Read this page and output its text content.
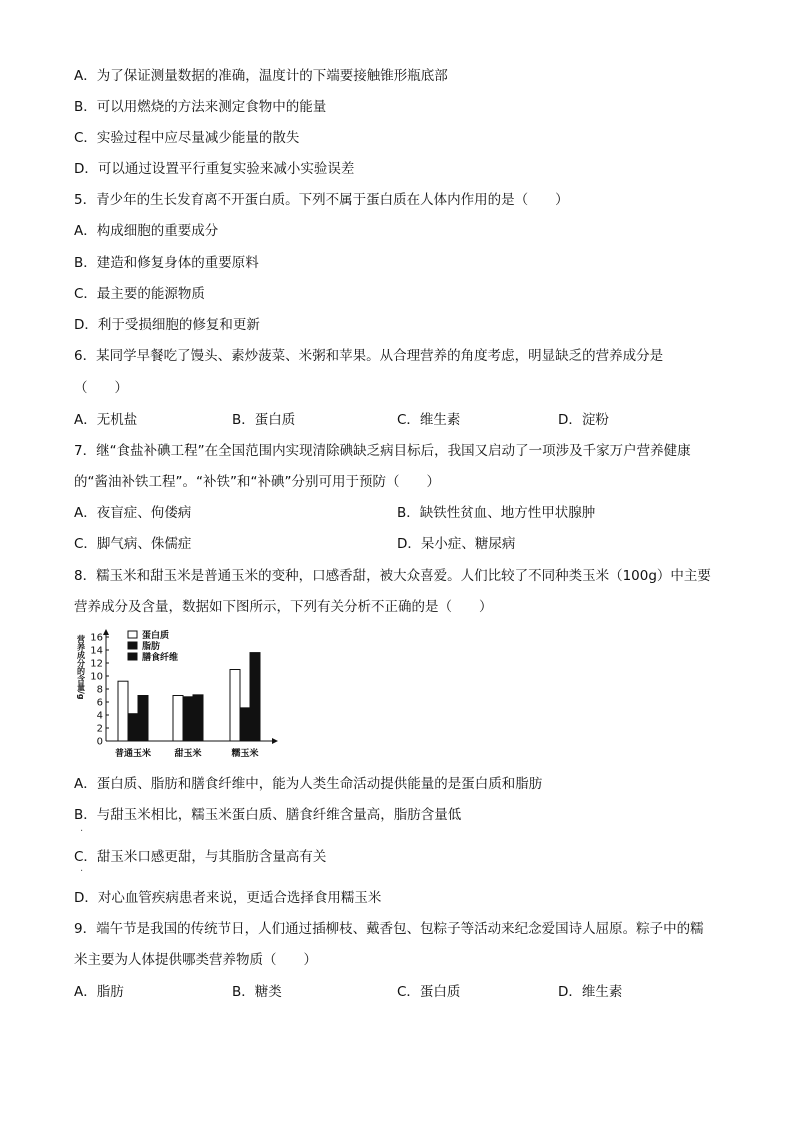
A．为了保证测量数据的准确，温度计的下端要接触锥形瓶底部
B．可以用燃烧的方法来测定食物中的能量
C．实验过程中应尽量减少能量的散失
D．可以通过设置平行重复实验来减小实验误差
5．青少年的生长发育离不开蛋白质。下列不属于蛋白质在人体内作用的是（　　）
A．构成细胞的重要成分
B．建造和修复身体的重要原料
C．最主要的能源物质
D．利于受损细胞的修复和更新
6．某同学早餐吃了馒头、素炒菠菜、米粥和苹果。从合理营养的角度考虑，明显缺乏的营养成分是
（　　）
A．无机盐	B．蛋白质	C．维生素	D．淀粉
7．继“食盐补碘工程”在全国范围内实现清除碘缺乏病目标后，我国又启动了一项涉及千家万户营养健康
的“酱油补铁工程”。“补铁”和“补碘”分别可用于预防（　　）
A．夜盲症、佝偻病	B．缺铁性贫血、地方性甲状腺肿
C．脚气病、侏儒症	D．呆小症、糖尿病
8．糯玉米和甜玉米是普通玉米的变种，口感香甜，被大众喜爱。人们比较了不同种类玉米（100g）中主要
营养成分及含量，数据如下图所示，下列有关分析不正确的是（　　）
0
2
4
6
8
10
12
14
16
营养成分的含量/g
普通玉米	甜玉米	糯玉米
蛋白质
脂肪
膳食纤维
A．蛋白质、脂肪和膳食纤维中，能为人类生命活动提供能量的是蛋白质和脂肪
B．与甜玉米相比，糯玉米蛋白质、膳食纤维含量高，脂肪含量低
·
C．甜玉米口感更甜，与其脂肪含量高有关
·
D．对心血管疾病患者来说，更适合选择食用糯玉米
9．端午节是我国的传统节日，人们通过插柳枝、戴香包、包粽子等活动来纪念爱国诗人屈原。粽子中的糯
米主要为人体提供哪类营养物质（　　）
A．脂肪	B．糖类	C．蛋白质	D．维生素
